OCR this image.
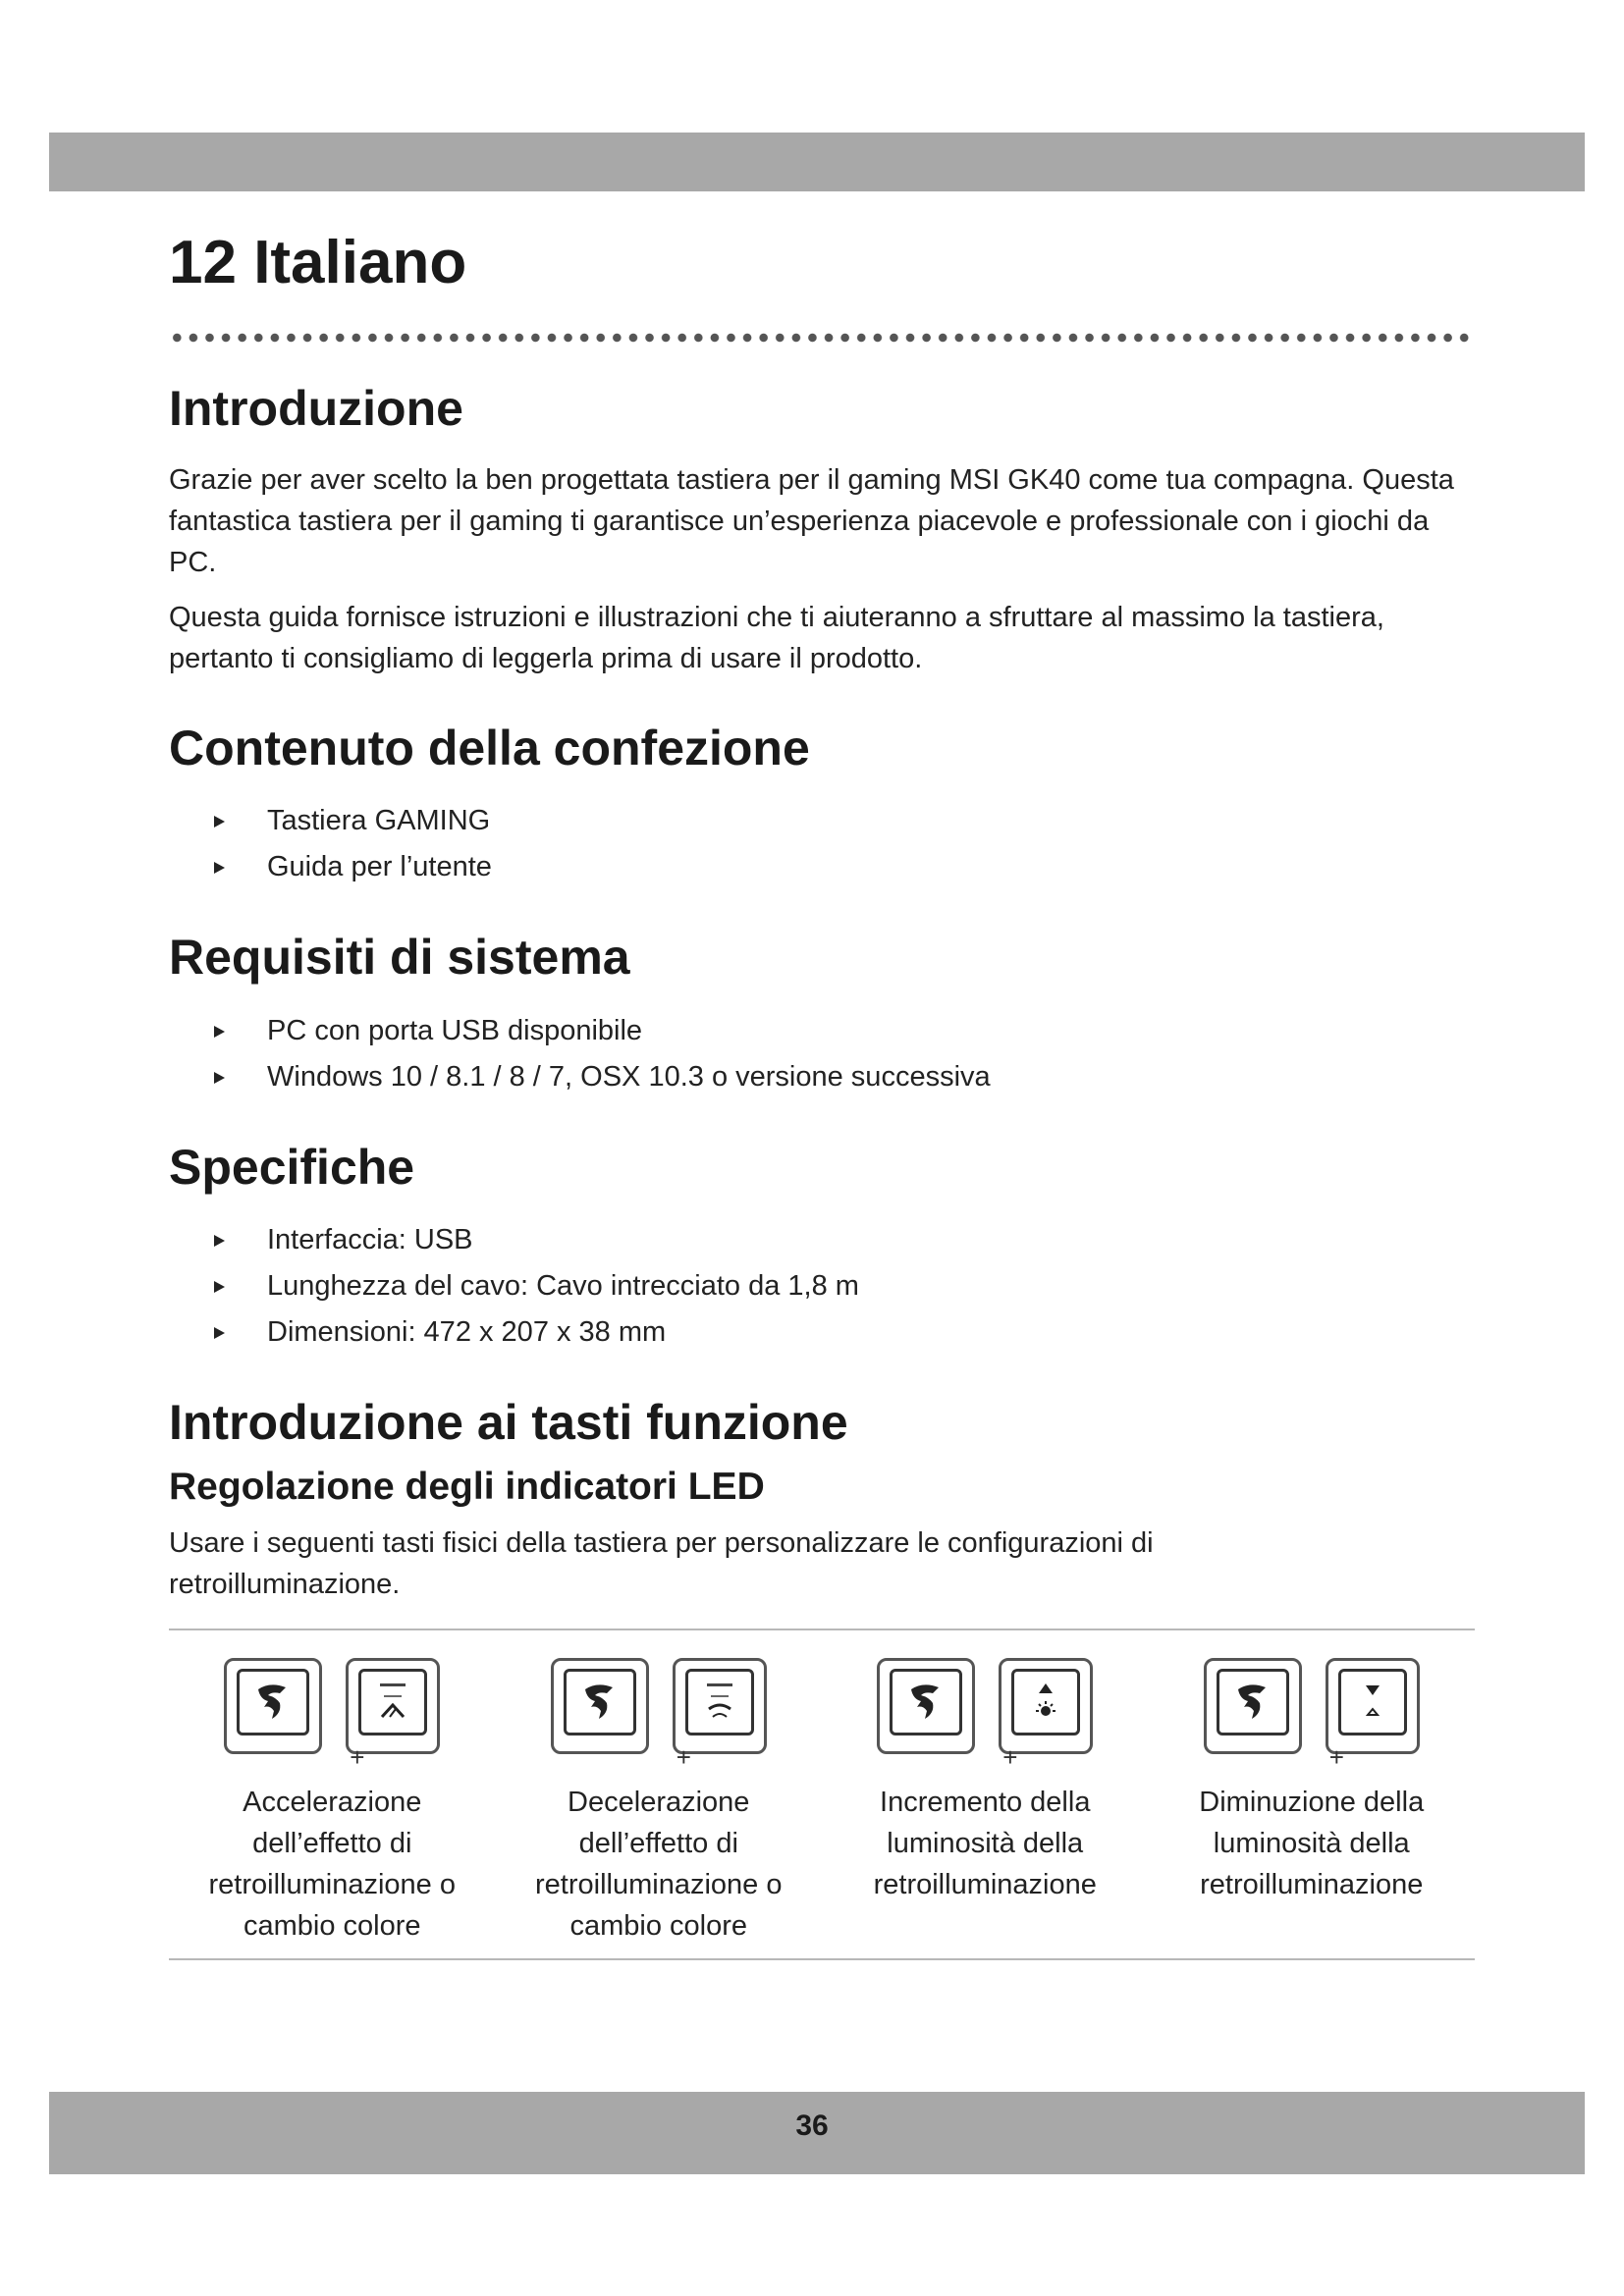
12 Italiano
Introduzione

Grazie per aver scelto la ben progettata tastiera per il gaming MSI GK40 come tua compagna. Questa fantastica tastiera per il gaming ti garantisce un’esperienza piacevole e professionale con i giochi da PC.

Questa guida fornisce istruzioni e illustrazioni che ti aiuteranno a sfruttare al massimo la tastiera, pertanto ti consigliamo di leggerla prima di usare il prodotto.

Contenuto della confezione
Tastiera GAMING
Guida per l’utente
Requisiti di sistema
PC con porta USB disponibile
Windows 10 / 8.1 / 8 / 7, OSX 10.3 o versione successiva
Specifiche
Interfaccia: USB
Lunghezza del cavo: Cavo intrecciato da 1,8 m
Dimensioni: 472 x 207 x 38 mm
Introduzione ai tasti funzione
Regolazione degli indicatori LED

Usare i seguenti tasti fisici della tastiera per personalizzare le configurazioni di retroilluminazione.

+
Accelerazione dell’effetto di retroilluminazione o cambio colore
+
Decelerazione dell’effetto di retroilluminazione o cambio colore
+
Incremento della luminosità della retroilluminazione
+
Diminuzione della luminosità della retroilluminazione
36
